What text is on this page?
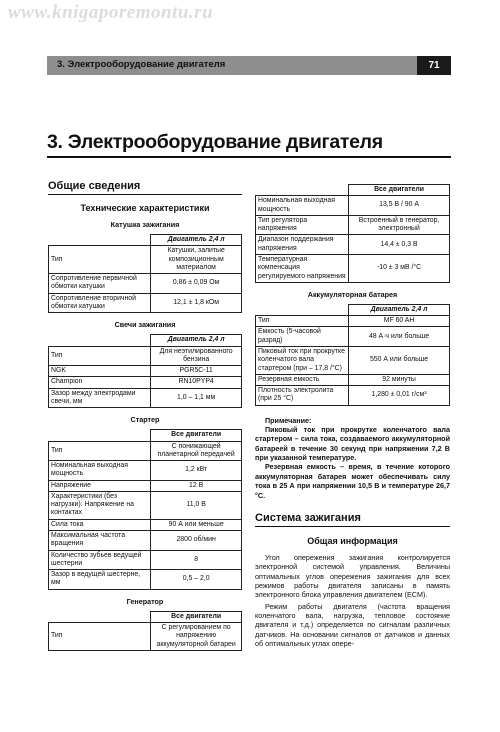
www.knigaporemontu.ru
3. Электрооборудование двигателя	71
3. Электрооборудование двигателя
Общие сведения
Технические характеристики
Катушка зажигания
	Двигатель 2,4 л
Тип	Катушки, залитые композиционным материалом
Сопротивление первичной обмотки катушки	0,86 ± 0,09 Ом
Сопротивление вторичной обмотки катушки	12,1 ± 1,8 кОм
Свечи зажигания
	Двигатель 2,4 л
Тип	Для неэтилированного бензина
NGK	PGR5C-11
Champion	RN10PYP4
Зазор между электродами свечи, мм	1,0 – 1,1 мм
Стартер
	Все двигатели
Тип	С понижающей планетарной передачей
Номинальная выходная мощность	1,2 кВт
Напряжение	12 В
Характеристики (без нагрузки): Напряжение на контактах	11,0 В
Сила тока	90 А или меньше
Максимальная частота вращения	2800 об/мин
Количество зубьев ведущей шестерни	8
Зазор в ведущей шестерне, мм	0,5 – 2,0
Генератор
	Все двигатели
Тип	С регулированием по напряжению аккумуляторной батареи
	Все двигатели
Номинальная выходная мощность	13,5 В / 90 А
Тип регулятора напряжения	Встроенный в генератор, электронный
Диапазон поддержания напряжения	14,4 ± 0,3 В
Температурная компенсация регулируемого напряжения	-10 ± 3 мВ /°С
Аккумуляторная батарея
	Двигатель 2,4 л
Тип	MF 60 AH
Емкость (5-часовой разряд)	48 А·ч или больше
Пиковый ток при прокрутке коленчатого вала стартером (при – 17,8 /°С)	550 А или больше
Резервная емкость	92 минуты
Плотность электролита (при 25 °С)	1,280 ± 0,01 г/см³
Примечание:

Пиковый ток при прокрутке коленчатого вала стартером – сила тока, создаваемого аккумуляторной батареей в течение 30 секунд при напряжении 7,2 В при указанной температуре.

Резервная емкость – время, в течение которого аккумуляторная батарея может обеспечивать силу тока в 25 А при напряжении 10,5 В и температуре 26,7 °С.

Система зажигания
Общая информация

Угол опережения зажигания контролируется электронной системой управления. Величины оптимальных углов опережения зажигания для всех режимов работы двигателя записаны в память электронного блока управления двигателем (ECM).

Режим работы двигателя (частота вращения коленчатого вала, нагрузка, тепловое состояние двигателя и т.д.) определяется по сигналам различных датчиков. На основании сигналов от датчиков и данных об оптимальных углах опере-
